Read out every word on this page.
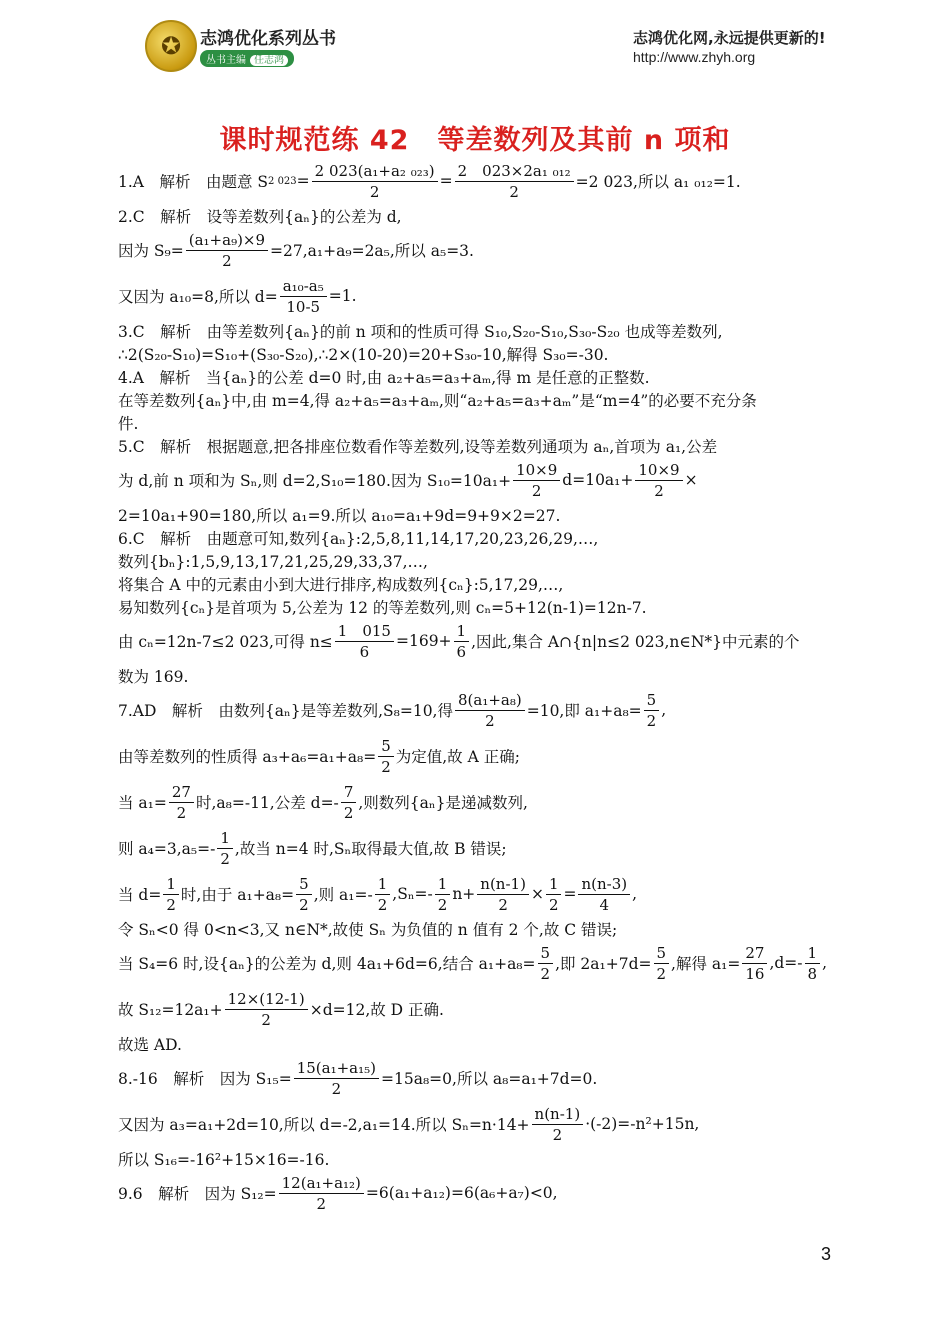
✪	志鸿优化系列丛书
丛书主编 任志鸿
志鸿优化网,永远提供更新的!
http://www.zhyh.org
课时规范练 42　等差数列及其前 n 项和
1.A　解析　由题意 S 2 $023 = \frac{\text{2 023(a₁+a₂ ₀₂₃)}}{2} = \frac{\text{2　023×2a₁ ₀₁₂}}{2} =2$ 023,所以 a₁ ₀₁₂=1.
2.C　解析　设等差数列{aₙ}的公差为 d,
因为 $S_9= \frac{\text{(a₁+a₉)×9}}{2} =27,a_1+a_9=2a_5$,所以 a₅=3.
又因为 a₁₀=8,所以 $d= \frac{\text{a₁₀-a₅}}{10-5} =1$.
3.C　解析　由等差数列{aₙ}的前 n 项和的性质可得 S₁₀,S₂₀-S₁₀,S₃₀-S₂₀ 也成等差数列,
∴2(S₂₀-S₁₀)=S₁₀+(S₃₀-S₂₀),∴2×(10-20)=20+S₃₀-10,解得 S₃₀=-30.
4.A　解析　当{aₙ}的公差 d=0 时,由 a₂+a₅=a₃+aₘ,得 m 是任意的正整数.
在等差数列{aₙ}中,由 m=4,得 a₂+a₅=a₃+aₘ,则“a₂+a₅=a₃+aₘ”是“m=4”的必要不充分条
件.
5.C　解析　根据题意,把各排座位数看作等差数列,设等差数列通项为 aₙ,首项为 a₁,公差
为 d,前 n 项和为 Sₙ,则 d=2,S₁₀=180.因为 $S_{10}=10a_1+ \frac{10\times 9}{2} d=10a_1+ \frac{10\times 9}{2}$ ×
2=10a₁+90=180,所以 a₁=9.所以 a₁₀=a₁+9d=9+9×2=27.
6.C　解析　由题意可知,数列{aₙ}:2,5,8,11,14,17,20,23,26,29,…,
数列{bₙ}:1,5,9,13,17,21,25,29,33,37,…,
将集合 A 中的元素由小到大进行排序,构成数列{cₙ}:5,17,29,…,
易知数列{cₙ}是首项为 5,公差为 12 的等差数列,则 cₙ=5+12(n-1)=12n-7.
由 cₙ=12n-7≤2 023,可得 $n\le \frac{1 015}{6} =169+ \frac{1}{6}$ ,因此,集合 A∩{n|n≤2 023,n∈N*}中元素的个
数为 169.
7.AD　解析　由数列{aₙ}是等差数列,S₈=10,得 $\frac{\text{8(a₁+a₈)}}{2} =10$,即 $a_1+a_8= \frac{5}{2}$ ,
由等差数列的性质得 $a_3+a_6=a_1+a_8= \frac{5}{2}$ 为定值,故 A 正确;
当 $a_1= \frac{27}{2}$ 时,a₈=-11,公差 $d=- \frac{7}{2}$ ,则数列{aₙ}是递减数列,
则 $a_4=3,a_5=- \frac{1}{2}$ ,故当 n=4 时,Sₙ取得最大值,故 B 错误;
当 $d= \frac{1}{2}$ 时,由于 $a_1+a_8= \frac{5}{2}$ ,则 $a_1=- \frac{1}{2} ,S_n=- \frac{1}{2} n+ \frac{n(n-1)}{2} \times \frac{1}{2} = \frac{n(n-3)}{4}$ ,
令 Sₙ<0 得 0<n<3,又 n∈N*,故使 Sₙ 为负值的 n 值有 2 个,故 C 错误;
当 S₄=6 时,设{aₙ}的公差为 d,则 4a₁+6d=6,结合 $a_1+a_8= \frac{5}{2}$ ,即 $2a_1+7d= \frac{5}{2}$ ,解得 $a_1= \frac{27}{16} ,d=- \frac{1}{8}$ ,
故 $S_{12}=12a_1+ \frac{12\times(12-1)}{2} \times d=12$,故 D 正确.
故选 AD.
8.-16　解析　因为 $S_{15}= \frac{\text{15(a₁+a₁₅)}}{2} =15a_8=0$,所以 a₈=a₁+7d=0.
又因为 a₃=a₁+2d=10,所以 d=-2,a₁=14.所以 $S_n=n\cdot 14+ \frac{n(n-1)}{2} \cdot(-2)=-n^2+15n$,
所以 S₁₆=-16²+15×16=-16.
9.6　解析　因为 $S_{12}= \frac{\text{12(a₁+a₁₂)}}{2} =6(a_1+a_{12})=6(a_6+a_7)<0$,
3
